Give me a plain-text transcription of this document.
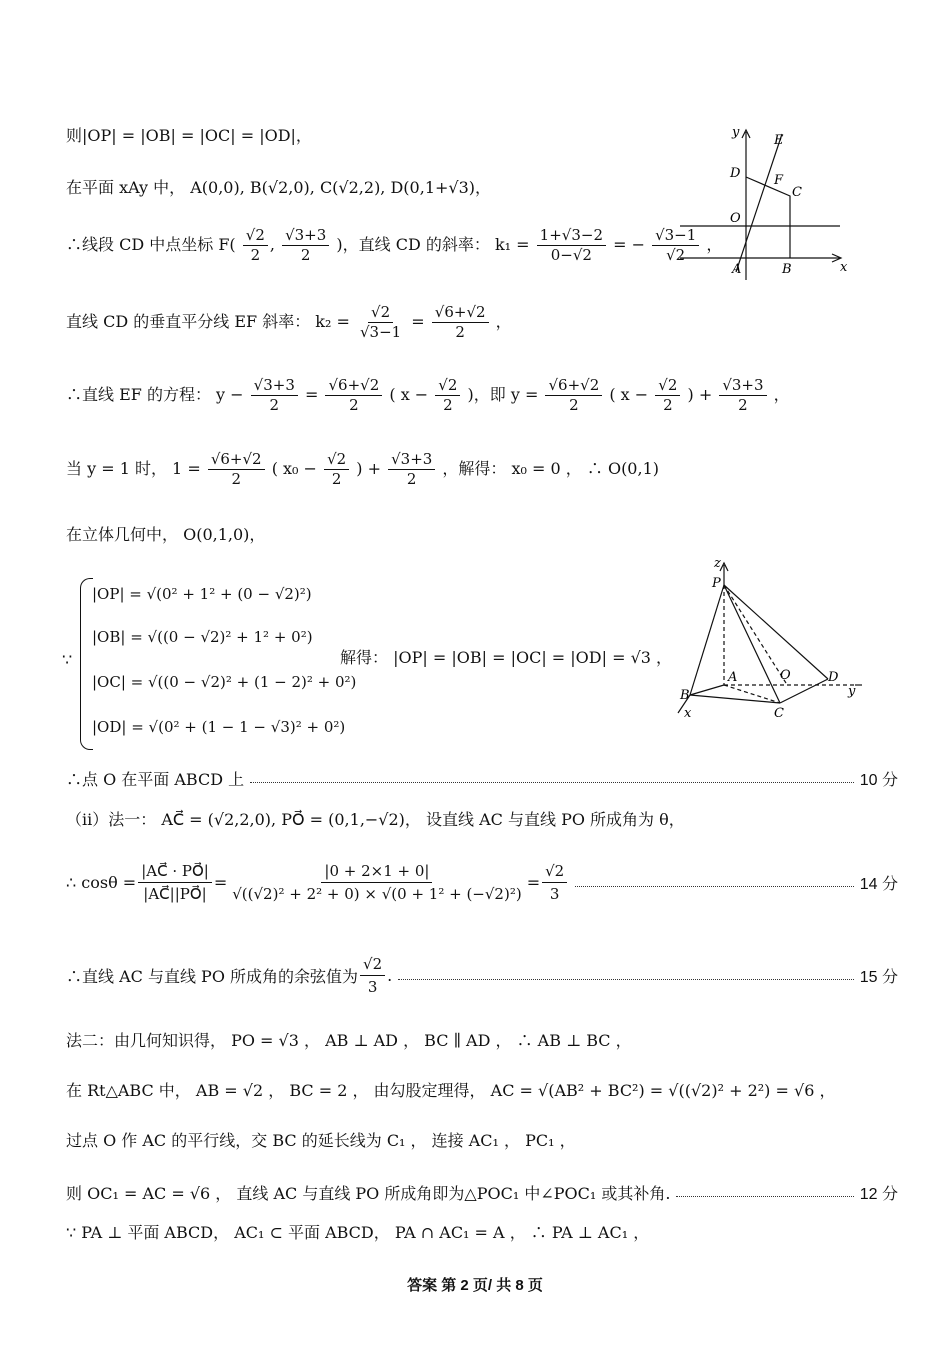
则|OP| = |OB| = |OC| = |OD|，
在平面 xAy 中， A(0,0), B(√2,0), C(√2,2), D(0,1+√3)，
∴线段 CD 中点坐标 $F( \frac{√2}{2}$ , $\frac{√3+3}{2}$ )，直线 CD 的斜率： $k_1 = \frac{1+√3-2}{0-√2}$ = − $\frac{√3-1}{√2}$ ，
直线 CD 的垂直平分线 EF 斜率： $k_2 = \frac{√2}{√3-1} = \frac{√6+√2}{2}$ ，
∴直线 EF 的方程： $y - \frac{√3+3}{2} = \frac{√6+√2}{2}$ ( $x - \frac{√2}{2}$ )，即 $y = \frac{√6+√2}{2}$ ( $x - \frac{√2}{2}$ ) + $\frac{√3+3}{2}$ ，
当 y = 1 时， $1 = \frac{√6+√2}{2}$ ( $x_0 - \frac{√2}{2}$ ) + $\frac{√3+3}{2}$ ，解得： x₀ = 0 ， ∴ O(0,1)
在立体几何中， O(0,1,0)，
∵
|OP| = √(0² + 1² + (0 − √2)²)
|OB| = √((0 − √2)² + 1² + 0²)
|OC| = √((0 − √2)² + (1 − 2)² + 0²)
|OD| = √(0² + (1 − 1 − √3)² + 0²)
解得： |OP| = |OB| = |OC| = |OD| = √3 ，
∴点 O 在平面 ABCD 上	10 分
（ii）法一： AC⃗ = (√2,2,0), PO⃗ = (0,1,−√2)， 设直线 AC 与直线 PO 所成角为 θ，
∴ $\cos\theta = \frac{|AC⃗ \cdot PO⃗|}{|AC⃗||PO⃗|} = \frac{|0 + 2\times 1 + 0|}{\text{√((√2)² + 2² + 0) × √(0 + 1² + (−√2)²)}} = \frac{√2}{3}$	14 分
∴直线 AC 与直线 PO 所成角的余弦值为 $\frac{√2}{3}$ .	15 分
法二：由几何知识得， PO = √3 ， AB ⊥ AD ， BC ∥ AD ， ∴ AB ⊥ BC ，
在 Rt△ABC 中， AB = √2 ， BC = 2 ， 由勾股定理得， AC = √(AB² + BC²) = √((√2)² + 2²) = √6 ，
过点 O 作 AC 的平行线，交 BC 的延长线为 C₁ ， 连接 AC₁ ， PC₁ ，
则 OC₁ = AC = √6 ， 直线 AC 与直线 PO 所成角即为△POC₁ 中∠POC₁ 或其补角.	12 分
∵ PA ⊥ 平面 ABCD， AC₁ ⊂ 平面 ABCD， PA ∩ AC₁ = A ， ∴ PA ⊥ AC₁ ，
y
E
D	F
C
O
A	B	x
z
P
A	O	D
y
B
x	C
答案 第 2 页/ 共 8 页
